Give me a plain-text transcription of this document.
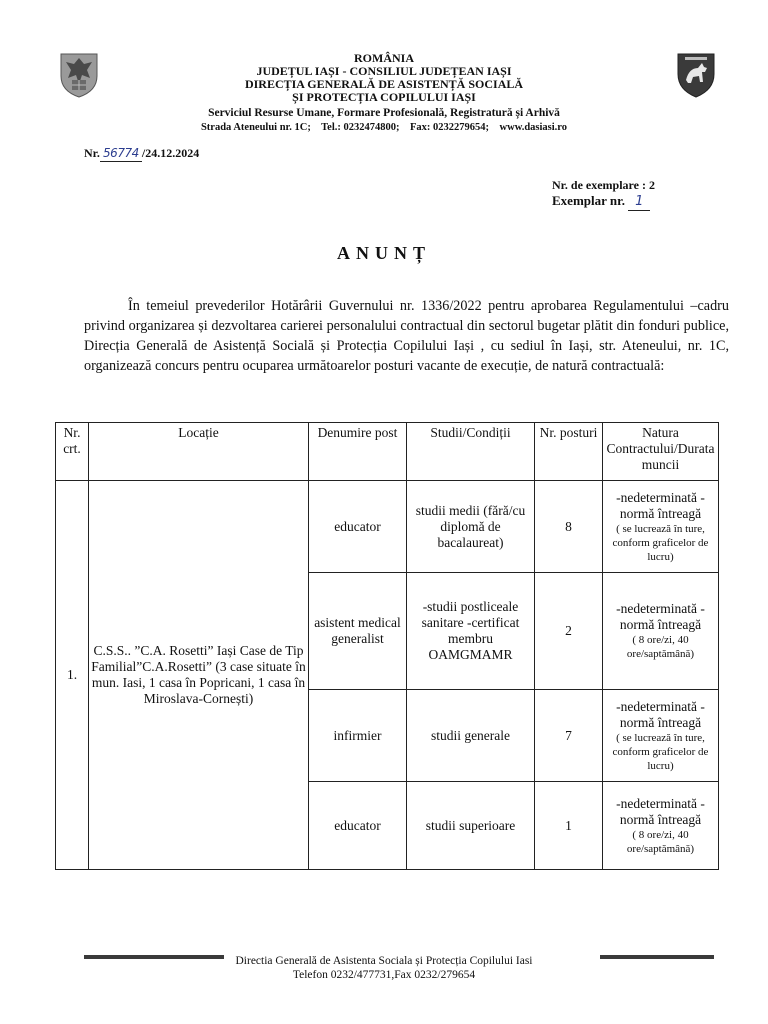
ROMÂNIA
JUDEȚUL IAȘI - CONSILIUL JUDEȚEAN IAȘI
DIRECȚIA GENERALĂ DE ASISTENȚĂ SOCIALĂ
ȘI PROTECȚIA COPILULUI IAȘI
Serviciul Resurse Umane, Formare Profesională, Registratură și Arhivă
Strada Ateneului nr. 1C;    Tel.: 0232474800;    Fax: 0232279654;    www.dasiasi.ro
Nr. 56774 /24.12.2024
Nr. de exemplare : 2
Exemplar nr. 1
ANUNȚ
În temeiul prevederilor Hotărârii Guvernului nr. 1336/2022 pentru aprobarea Regulamentului –cadru privind organizarea și dezvoltarea carierei personalului contractual din sectorul bugetar plătit din fonduri publice, Direcția Generală de Asistență Socială și Protecția Copilului Iași , cu sediul în Iași, str. Ateneului, nr. 1C, organizează concurs pentru ocuparea următoarelor posturi vacante de execuție, de natură contractuală:
Nr. crt.	Locație	Denumire post	Studii/Condiții	Nr. posturi	Natura Contractului/Durata muncii
1.	C.S.S.. ”C.A. Rosetti” Iași Case de Tip Familial”C.A.Rosetti” (3 case situate în mun. Iasi, 1 casa în Popricani, 1 casa în Miroslava-Cornești)	educator	studii medii (fără/cu diplomă de bacalaureat)	8	-nedeterminată - normă întreagă
( se lucrează în ture, conform graficelor de lucru)

		asistent medical generalist	-studii postliceale sanitare -certificat membru OAMGMAMR	2	-nedeterminată - normă întreagă
( 8 ore/zi, 40 ore/saptămână)

		infirmier	studii generale	7	-nedeterminată - normă întreagă
( se lucrează în ture, conform graficelor de lucru)

		educator	studii superioare	1	-nedeterminată - normă întreagă
( 8 ore/zi, 40 ore/saptămână)
Directia Generală de Asistenta Sociala și Protecția Copilului Iasi
Telefon 0232/477731,Fax 0232/279654
